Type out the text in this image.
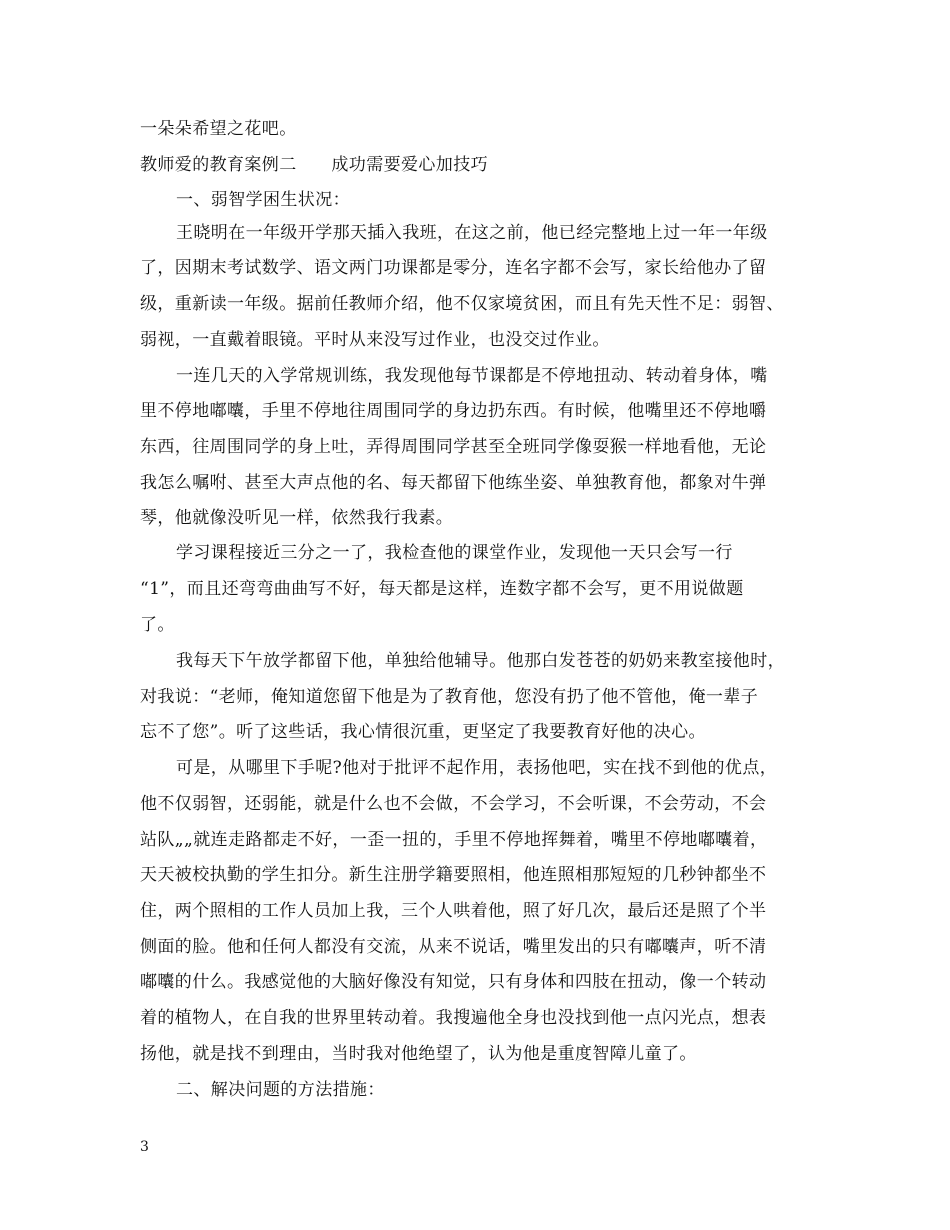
一朵朵希望之花吧。
教师爱的教育案例二　　成功需要爱心加技巧
一、弱智学困生状况：
王晓明在一年级开学那天插入我班，在这之前，他已经完整地上过一年一年级
了，因期末考试数学、语文两门功课都是零分，连名字都不会写，家长给他办了留
级，重新读一年级。据前任教师介绍，他不仅家境贫困，而且有先天性不足：弱智、
弱视，一直戴着眼镜。平时从来没写过作业，也没交过作业。
一连几天的入学常规训练，我发现他每节课都是不停地扭动、转动着身体，嘴
里不停地嘟囔，手里不停地往周围同学的身边扔东西。有时候，他嘴里还不停地嚼
东西，往周围同学的身上吐，弄得周围同学甚至全班同学像耍猴一样地看他，无论
我怎么嘱咐、甚至大声点他的名、每天都留下他练坐姿、单独教育他，都象对牛弹
琴，他就像没听见一样，依然我行我素。
学习课程接近三分之一了，我检查他的课堂作业，发现他一天只会写一行
“1”，而且还弯弯曲曲写不好，每天都是这样，连数字都不会写，更不用说做题
了。
我每天下午放学都留下他，单独给他辅导。他那白发苍苍的奶奶来教室接他时，
对我说：“老师，俺知道您留下他是为了教育他，您没有扔了他不管他，俺一辈子
忘不了您”。听了这些话，我心情很沉重，更坚定了我要教育好他的决心。
可是，从哪里下手呢?他对于批评不起作用，表扬他吧，实在找不到他的优点，
他不仅弱智，还弱能，就是什么也不会做，不会学习，不会听课，不会劳动，不会
站队„„就连走路都走不好，一歪一扭的，手里不停地挥舞着，嘴里不停地嘟囔着，
天天被校执勤的学生扣分。新生注册学籍要照相，他连照相那短短的几秒钟都坐不
住，两个照相的工作人员加上我，三个人哄着他，照了好几次，最后还是照了个半
侧面的脸。他和任何人都没有交流，从来不说话，嘴里发出的只有嘟囔声，听不清
嘟囔的什么。我感觉他的大脑好像没有知觉，只有身体和四肢在扭动，像一个转动
着的植物人，在自我的世界里转动着。我搜遍他全身也没找到他一点闪光点，想表
扬他，就是找不到理由，当时我对他绝望了，认为他是重度智障儿童了。
二、解决问题的方法措施：
3
